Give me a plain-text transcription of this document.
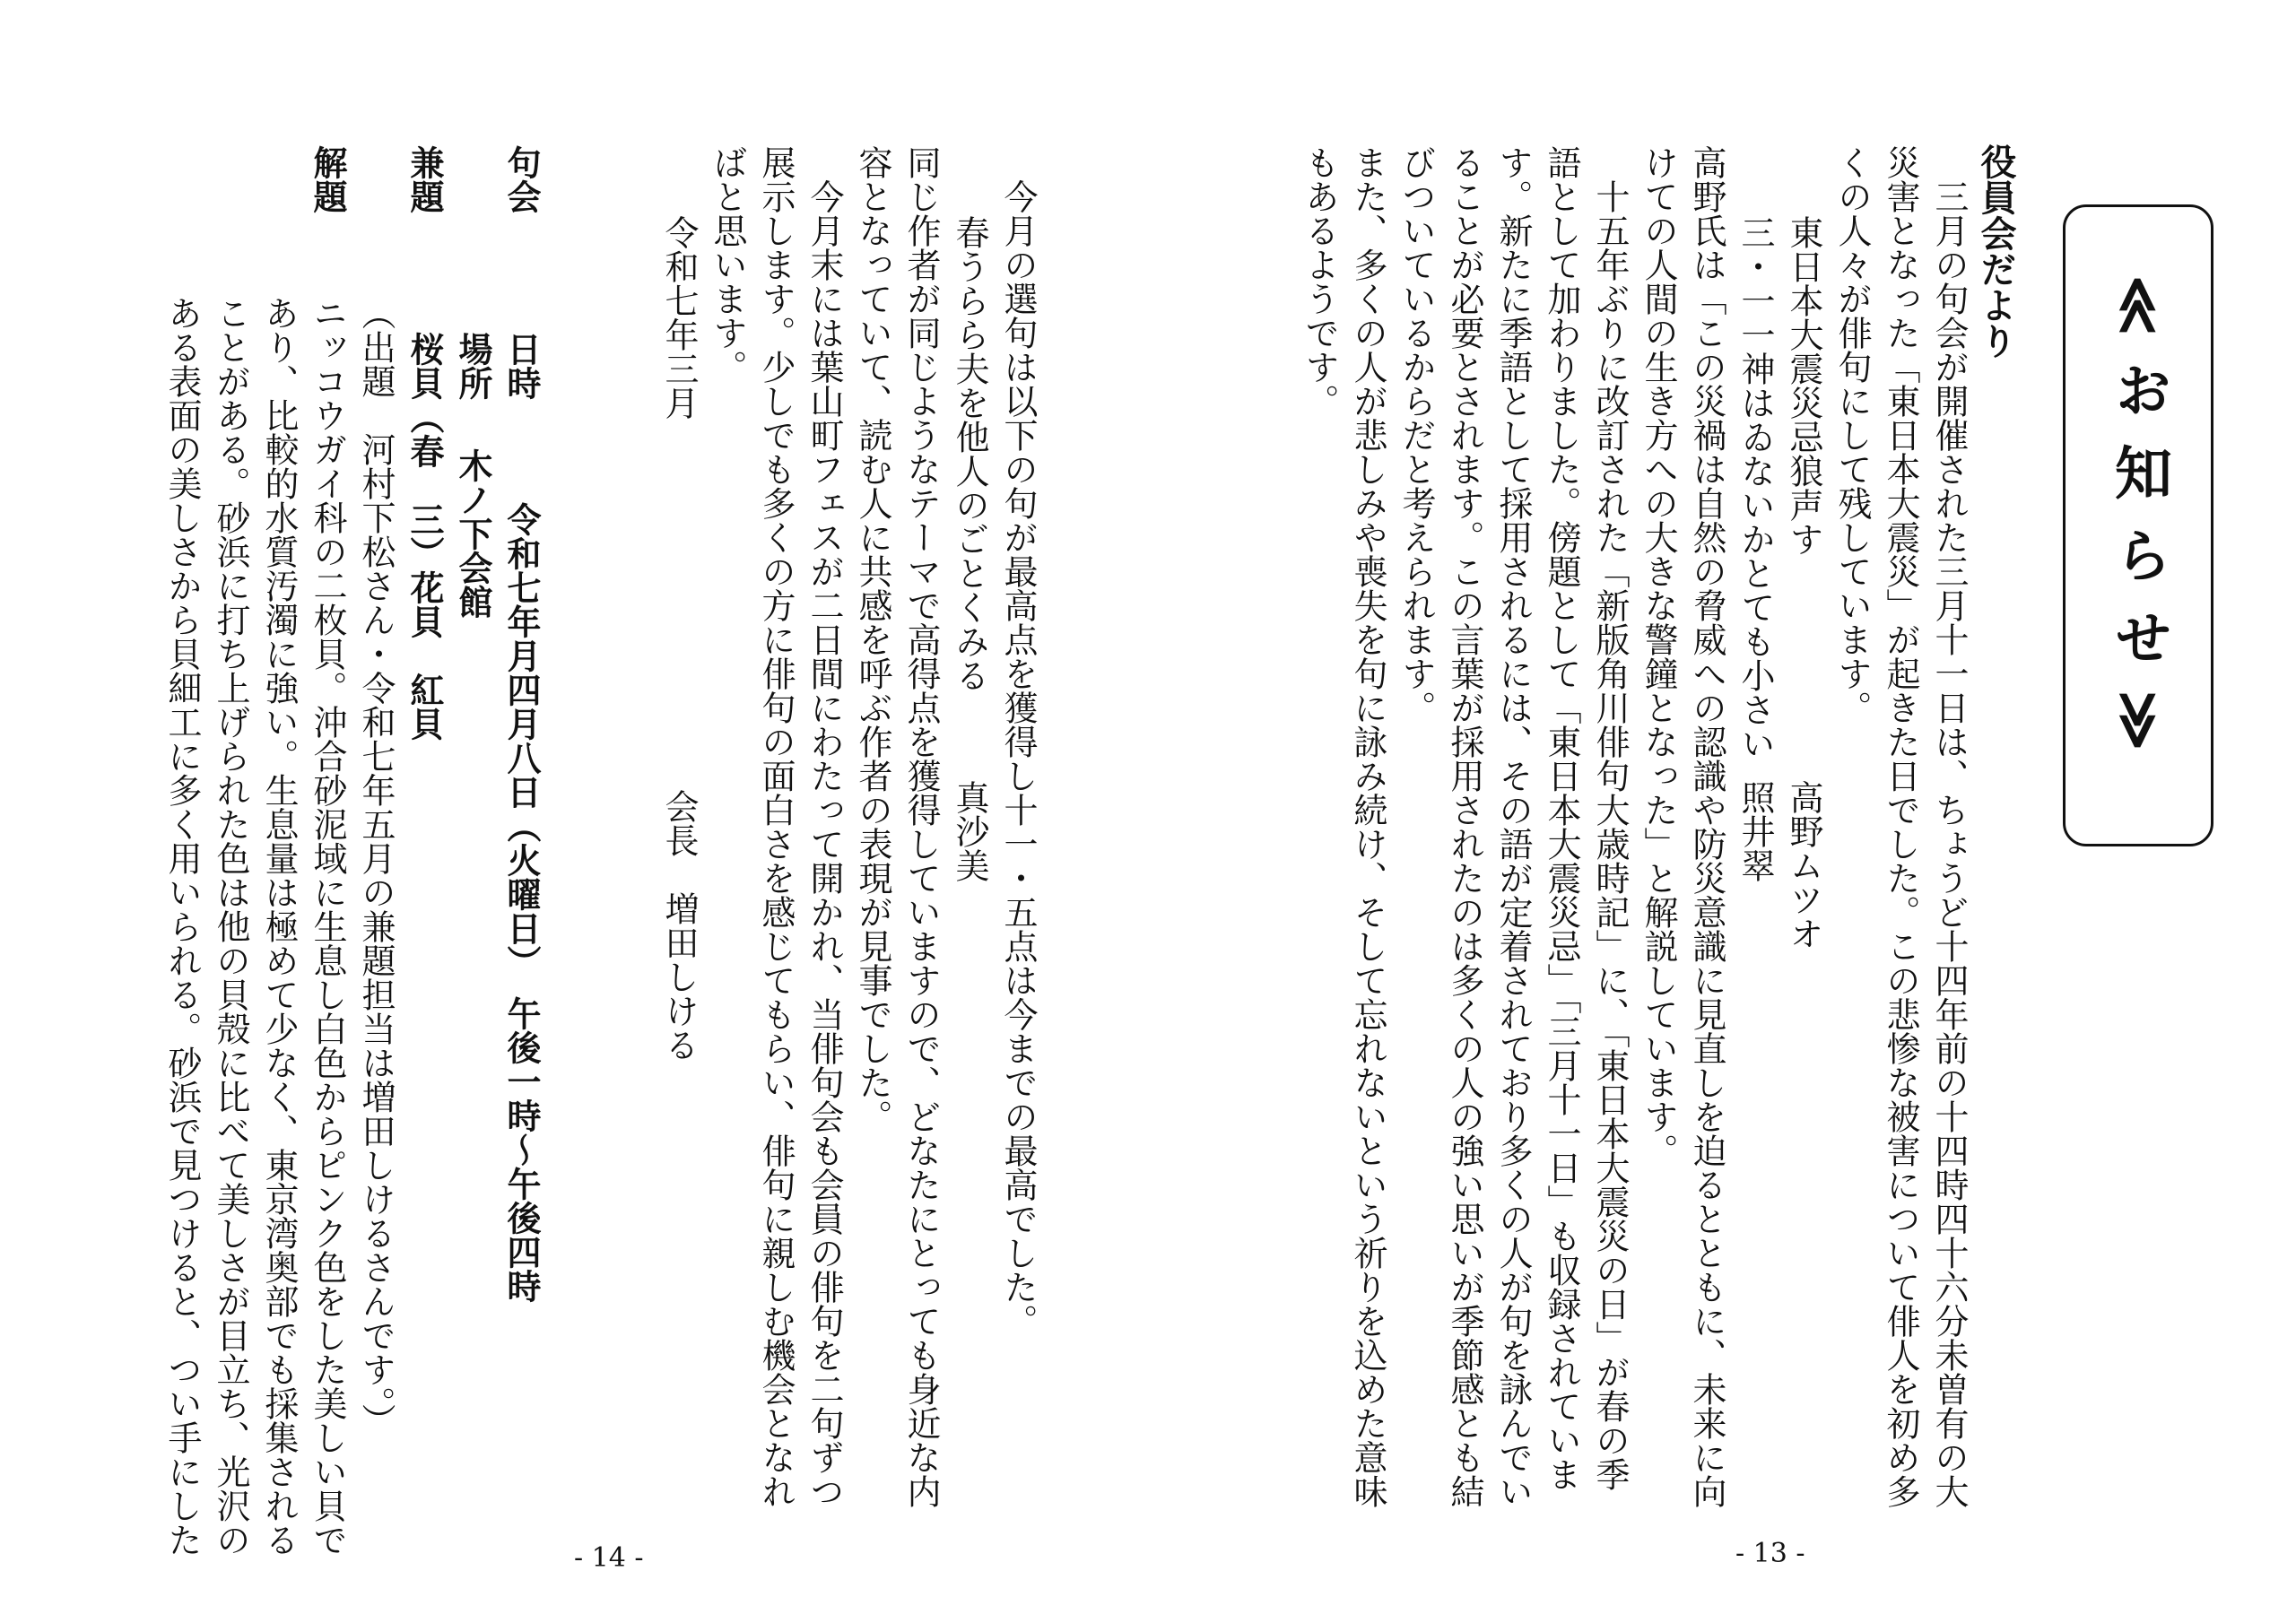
≪お知らせ≫
役員会だより
三月の句会が開催された三月十一日は、ちょうど十四年前の十四時四十六分未曽有の大
災害となった「東日本大震災」が起きた日でした。この悲惨な被害について俳人を初め多
くの人々が俳句にして残しています。
東日本大震災忌狼声す
高野ムツオ
三・一一神はゐないかとても小さい
照井翠
高野氏は「この災禍は自然の脅威への認識や防災意識に見直しを迫るとともに、未来に向
けての人間の生き方への大きな警鐘となった」と解説しています。
十五年ぶりに改訂された「新版角川俳句大歳時記」に、「東日本大震災の日」が春の季
語として加わりました。傍題として「東日本大震災忌」「三月十一日」も収録されていま
す。新たに季語として採用されるには、その語が定着されており多くの人が句を詠んでい
ることが必要とされます。この言葉が採用されたのは多くの人の強い思いが季節感とも結
びついているからだと考えられます。
また、多くの人が悲しみや喪失を句に詠み続け、そして忘れないという祈りを込めた意味
もあるようです。
- 13 -
今月の選句は以下の句が最高点を獲得し十一・五点は今までの最高でした。
春うらら夫を他人のごとくみる
真沙美
同じ作者が同じようなテーマで高得点を獲得していますので、どなたにとっても身近な内
容となっていて、読む人に共感を呼ぶ作者の表現が見事でした。
今月末には葉山町フェスが二日間にわたって開かれ、当俳句会も会員の俳句を二句ずつ
展示します。少しでも多くの方に俳句の面白さを感じてもらい、俳句に親しむ機会となれ
ばと思います。
令和七年三月
会長　増田しける
句会
日時
令和七年月四月八日（火曜日）　午後一時～午後四時
場所
木ノ下会館
兼題
桜貝（春　三）花貝　紅貝
（出題　河村下松さん・令和七年五月の兼題担当は増田しけるさんです。）
解題
ニッコウガイ科の二枚貝。沖合砂泥域に生息し白色からピンク色をした美しい貝で
あり、比較的水質汚濁に強い。生息量は極めて少なく、東京湾奥部でも採集される
ことがある。砂浜に打ち上げられた色は他の貝殻に比べて美しさが目立ち、光沢の
ある表面の美しさから貝細工に多く用いられる。砂浜で見つけると、つい手にした
- 14 -
